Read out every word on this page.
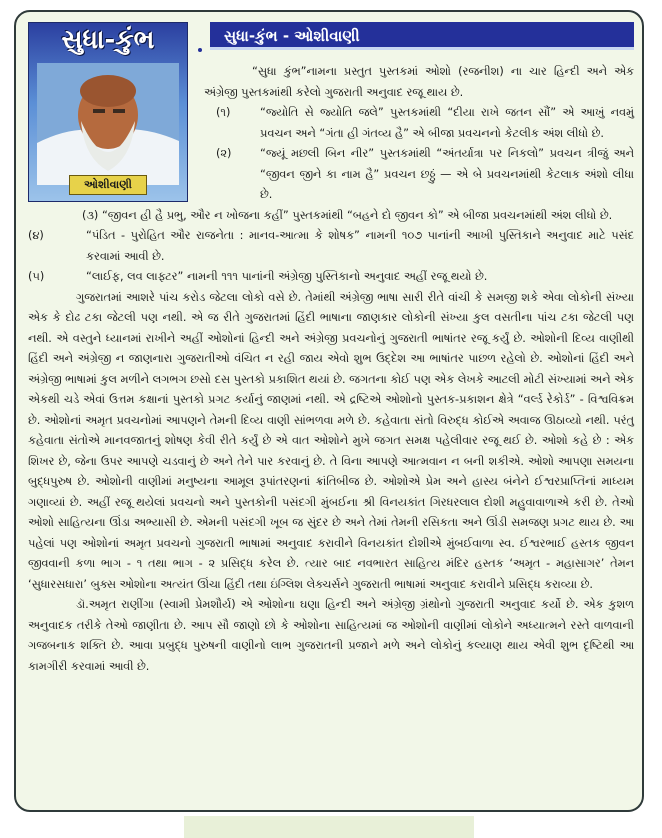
સુધા-કુંભ
ઓશીવાણી
સુધા-કુંભ - ઓશીવાણી

“સુધા કુંભ”નામના પ્રસ્તુત પુસ્તકમાં ઓશો (રજનીશ) ના ચાર હિન્દી અને એક અંગ્રેજી પુસ્તકમાંથી કરેલો ગુજરાતી અનુવાદ રજૂ થાય છે.

(૧)	“જ્યોતિ સે જ્યોતિ જલે” પુસ્તકમાંથી “દીયા રાખે જતન સૌં” એ આખું નવમું પ્રવચન અને “ગંતા હી ગંતવ્ય હૈ” એ બીજા પ્રવચનનો કેટલીક અંશ લીધો છે.

(૨)	“જ્યૂં મછલી બિન નીર” પુસ્તકમાંથી “અંતર્યાત્રા પર નિકલો” પ્રવચન ત્રીજું અને “જીવન જીને કા નામ હૈ” પ્રવચન છઠ્ઠું — એ બે પ્રવચનમાંથી કેટલાક અંશો લીધા છે.

(૩) “જીવન હી હૈ પ્રભુ, ઔર ન ખોજના કહીં” પુસ્તકમાંથી “બહને દો જીવન કો” એ બીજા પ્રવચનમાંથી અંશ લીધો છે.

(૪)	“પંડિત - પુરોહિત ઔર રાજનેતા : માનવ-આત્મા કે શોષક” નામની ૧૦૭ પાનાંની આખી પુસ્તિકાને અનુવાદ માટે પસંદ કરવામાં આવી છે.

(૫)	“લાઈફ, લવ લાફ્ટર” નામની ૧૧૧ પાનાંની અંગ્રેજી પુસ્તિકાનો અનુવાદ અહીં રજૂ થયો છે.

ગુજરાતમાં આશરે પાંચ કરોડ જેટલા લોકો વસે છે. તેમાંથી અંગ્રેજી ભાષા સારી રીતે વાંચી કે સમજી શકે એવા લોકોની સંખ્યા એક કે દોઢ ટકા જેટલી પણ નથી. એ જ રીતે ગુજરાતમાં હિંદી ભાષાના જાણકાર લોકોની સંખ્યા કુલ વસતીના પાંચ ટકા જેટલી પણ નથી. એ વસ્તુને ધ્યાનમાં રાખીને અહીં ઓશોનાં હિન્દી અને અંગ્રેજી પ્રવચનોનું ગુજરાતી ભાષાંતર રજૂ કર્યું છે. ઓશોની દિવ્ય વાણીથી હિંદી અને અંગ્રેજી ન જાણનારા ગુજરાતીઓ વંચિત ન રહી જાય એવો શુભ ઉદ્દેશ આ ભાષાંતર પાછળ રહેલો છે. ઓશોનાં હિંદી અને અંગ્રેજી ભાષામાં કુલ મળીને લગભગ છસો દસ પુસ્તકો પ્રકાશિત થયાં છે. જગતના કોઈ પણ એક લેખકે આટલી મોટી સંખ્યામાં અને એક એકથી ચડે એવાં ઉત્તમ કક્ષાનાં પુસ્તકો પ્રગટ કર્યાનું જાણમાં નથી. એ દ્રષ્ટિએ ઓશોનો પુસ્તક-પ્રકાશન ક્ષેત્રે “વર્લ્ડ રેકોર્ડ” - વિશ્વવિક્રમ છે. ઓશોનાં અમૃત પ્રવચનોમાં આપણને તેમની દિવ્ય વાણી સાંભળવા મળે છે. કહેવાતા સંતો વિરુદ્ધ કોઈએ અવાજ ઊઠાવ્યો નથી. પરંતુ કહેવાતા સંતોએ માનવજાતનું શોષણ કેવી રીતે કર્યું છે એ વાત ઓશોને મુખે જગત સમક્ષ પહેલીવાર રજૂ થઈ છે. ઓશો કહે છે : એક શિખર છે, જેના ઉપર આપણે ચડવાનું છે અને તેને પાર કરવાનું છે. તે વિના આપણે આત્મવાન ન બની શકીએ. ઓશો આપણા સમયના બુદ્ધપુરુષ છે. ઓશોની વાણીમાં મનુષ્યના આમૂલ રૂપાંતરણનાં ક્રાંતિબીજ છે. ઓશોએ પ્રેમ અને હાસ્ય બંનેને ઈશ્વરપ્રાપ્તિનાં માધ્યમ ગણાવ્યાં છે. અહીં રજૂ થયેલાં પ્રવચનો અને પુસ્તકોની પસંદગી મુંબઈના શ્રી વિનયકાંત ગિરધરલાલ દોશી મહુવાવાળાએ કરી છે. તેઓ ઓશો સાહિત્યના ઊંડા અભ્યાસી છે. એમની પસંદગી ખૂબ જ સુંદર છે અને તેમાં તેમની રસિકતા અને ઊંડી સમજણ પ્રગટ થાય છે. આ પહેલાં પણ ઓશોનાં અમૃત પ્રવચનો ગુજરાતી ભાષામાં અનુવાદ કરાવીને વિનયકાંત દોશીએ મુંબઈવાળા સ્વ. ઈશ્વરભાઈ હસ્તક જીવન જીવવાની કળા ભાગ - ૧ તથા ભાગ - ૨ પ્રસિદ્ધ કરેલ છે. ત્યાર બાદ નવભારત સાહિત્ય મંદિર હસ્તક ‘અમૃત - મહાસાગર’ તેમન ‘સુધારસધારા’ બુક્સ ઓશોના અત્યંત ઊંચા હિંદી તથા ઇંગ્લિશ લેક્ચર્સને ગુજરાતી ભાષામાં અનુવાદ કરાવીને પ્રસિદ્ધ કરાવ્યા છે.

ડૉ.અમૃત રાણીંગા (સ્વામી પ્રેમશૌર્ય) એ ઓશોના ઘણા હિન્દી અને અંગ્રેજી ગ્રંથોનો ગુજરાતી અનુવાદ કર્યો છે. એક કુશળ અનુવાદક તરીકે તેઓ જાણીતા છે. આપ સૌ જાણો છો કે ઓશોના સાહિત્યમાં જ ઓશોની વાણીમાં લોકોને અધ્યાત્મને રસ્તે વાળવાની ગજબનાક શક્તિ છે. આવા પ્રબુદ્ધ પુરુષની વાણીનો લાભ ગુજરાતની પ્રજાને મળે અને લોકોનું કલ્યાણ થાય એવી શુભ દૃષ્ટિથી આ કામગીરી કરવામાં આવી છે.
